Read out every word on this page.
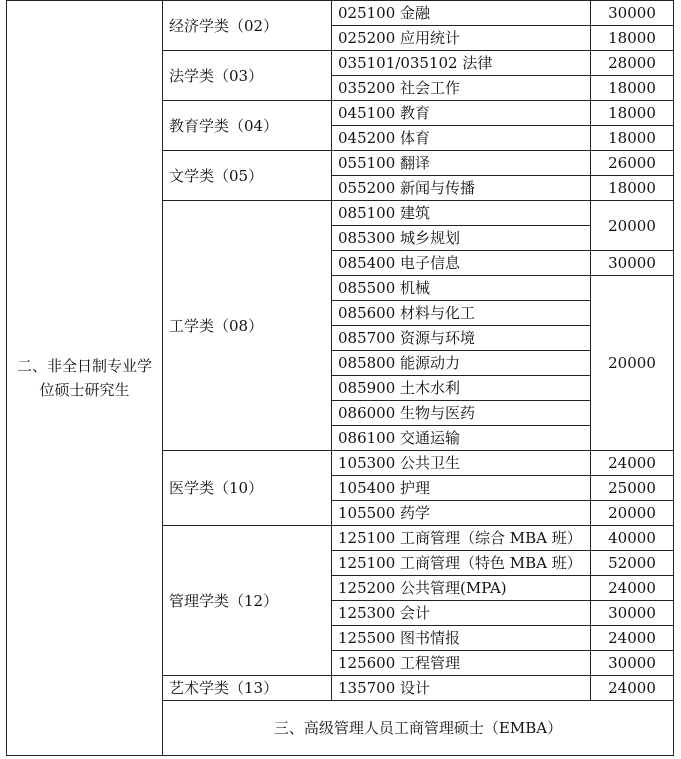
二、非全日制专业学位硕士研究生	经济学类（02）	025100 金融	30000	
		025200 应用统计	18000	
	法学类（03）	035101/035102 法律	28000	
		035200 社会工作	18000	
	教育学类（04）	045100 教育	18000	
		045200 体育	18000	
	文学类（05）	055100 翻译	26000	
		055200 新闻与传播	18000	
	工学类（08）	085100 建筑	20000	
		085300 城乡规划		
		085400 电子信息	30000	
		085500 机械	20000	
		085600 材料与化工		
		085700 资源与环境		
		085800 能源动力		
		085900 土木水利		
		086000 生物与医药		
		086100 交通运输		
	医学类（10）	105300 公共卫生	24000	
		105400 护理	25000	
		105500 药学	20000	
	管理学类（12）	125100 工商管理（综合 MBA 班）	40000	
		125100 工商管理（特色 MBA 班）	52000	
		125200 公共管理(MPA)	24000	
		125300 会计	30000	
		125500 图书情报	24000	
		125600 工程管理	30000	
	艺术学类（13）	135700 设计	24000	
	三、高级管理人员工商管理硕士（EMBA）	
